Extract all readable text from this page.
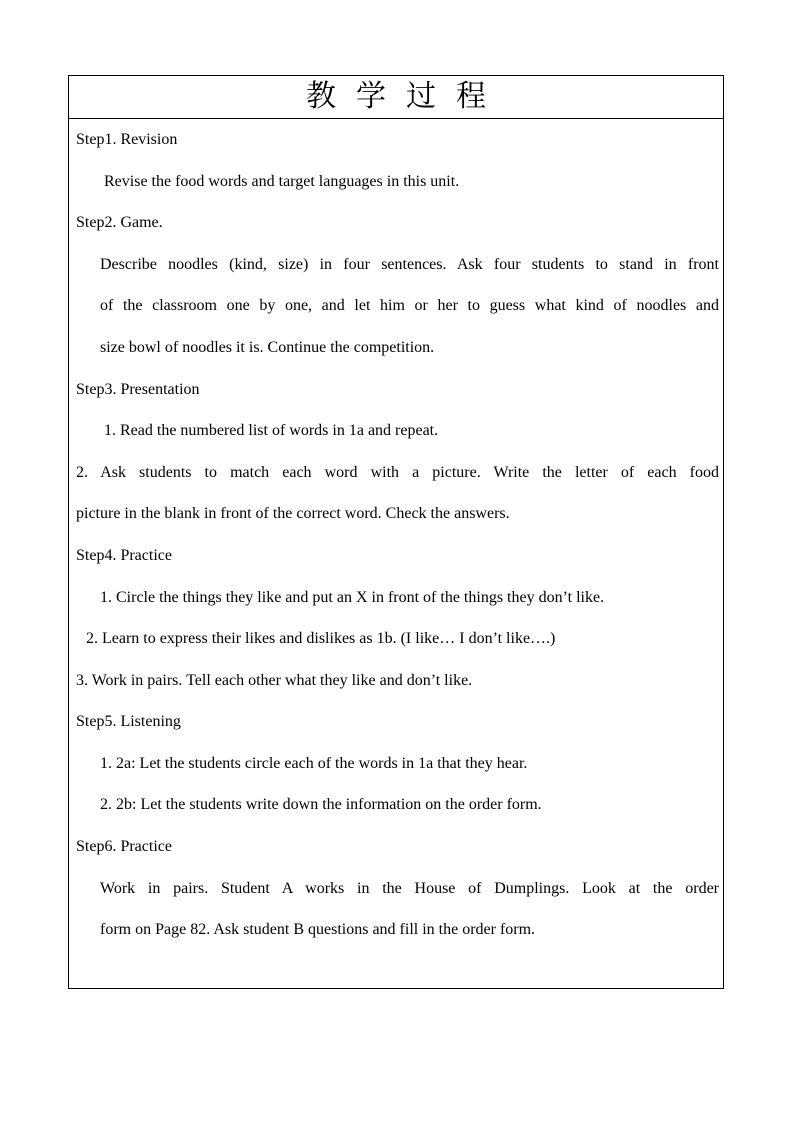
教学过程
Step1. Revision
Revise the food words and target languages in this unit.
Step2. Game.
Describe noodles (kind, size) in four sentences. Ask four students to stand in front
of the classroom one by one, and let him or her to guess what kind of noodles and
size bowl of noodles it is. Continue the competition.
Step3. Presentation
1. Read the numbered list of words in 1a and repeat.
2. Ask students to match each word with a picture. Write the letter of each food
picture in the blank in front of the correct word. Check the answers.
Step4. Practice
1. Circle the things they like and put an X in front of the things they don’t like.
2. Learn to express their likes and dislikes as 1b. (I like… I don’t like….)
3. Work in pairs. Tell each other what they like and don’t like.
Step5. Listening
1. 2a: Let the students circle each of the words in 1a that they hear.
2. 2b: Let the students write down the information on the order form.
Step6. Practice
Work in pairs. Student A works in the House of Dumplings. Look at the order
form on Page 82. Ask student B questions and fill in the order form.
